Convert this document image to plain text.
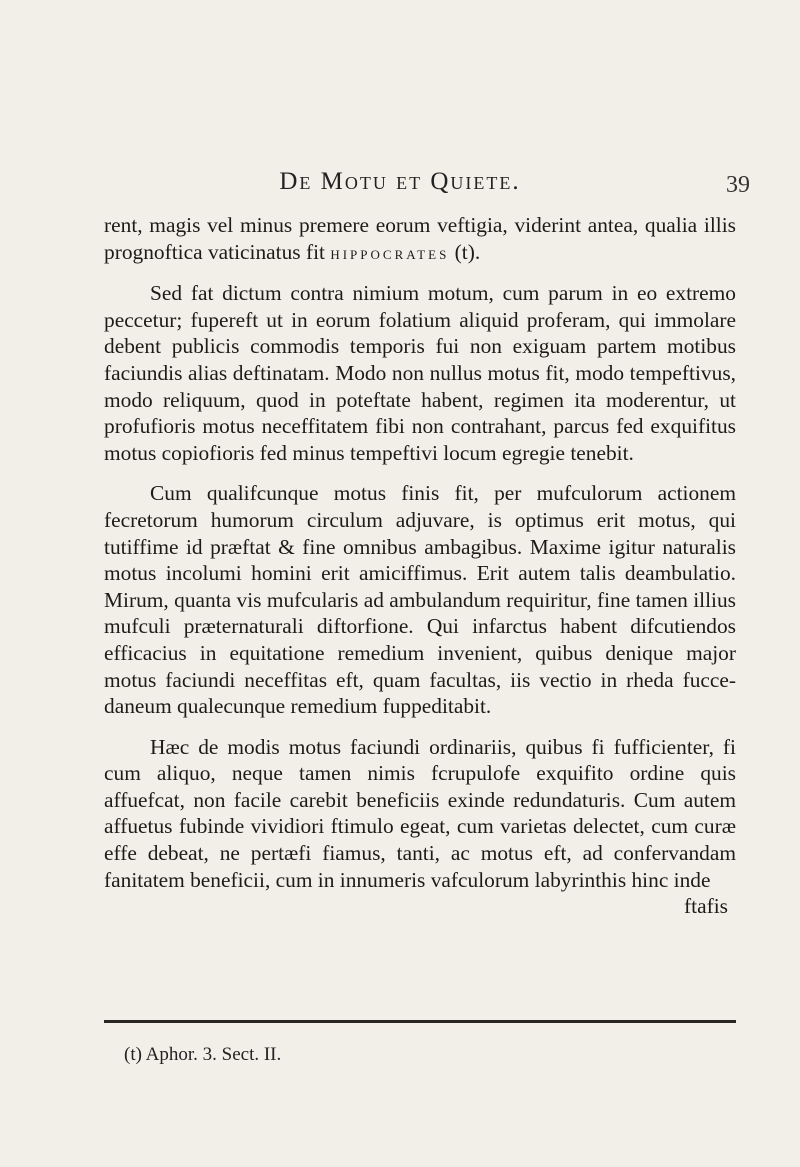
De Motu et Quiete.	39

rent, magis vel minus premere eorum veftigia, viderint antea, qualia illis prognoftica vaticinatus fit hippocrates (t).

Sed fat dictum contra nimium motum, cum parum in eo extremo peccetur; fupereft ut in eorum folatium aliquid proferam, qui immolare debent publicis commodis temporis fui non exiguam partem motibus faciundis alias deftinatam. Modo non nullus motus fit, modo tempeftivus, modo reliquum, quod in poteftate habent, regimen ita moderentur, ut profufioris motus neceffitatem fibi non contrahant, parcus fed exquifitus motus copiofioris fed minus tempeftivi locum egregie tenebit.

Cum qualifcunque motus finis fit, per mufculorum actionem fecretorum humorum circulum adjuvare, is optimus erit motus, qui tutiffime id præftat & fine omnibus ambagibus. Maxime igitur naturalis motus incolumi homini erit amiciffimus. Erit autem talis deambulatio. Mirum, quanta vis mufcularis ad ambulandum requiritur, fine tamen illius mufculi præternaturali diftorfione. Qui infarctus habent difcutiendos efficacius in equitatione remedium invenient, quibus denique major motus faciundi neceffitas eft, quam facultas, iis vectio in rheda fuccedaneum qualecunque remedium fuppeditabit.

Hæc de modis motus faciundi ordinariis, quibus fi fufficienter, fi cum aliquo, neque tamen nimis fcrupulofe exquifito ordine quis affuefcat, non facile carebit beneficiis exinde redundaturis. Cum autem affuetus fubinde vividiori ftimulo egeat, cum varietas delectet, cum curæ effe debeat, ne pertæfi fiamus, tanti, ac motus eft, ad confervandam fanitatem beneficii, cum in innumeris vafculorum labyrinthis hinc inde

ftafis
(t) Aphor. 3. Sect. II.
